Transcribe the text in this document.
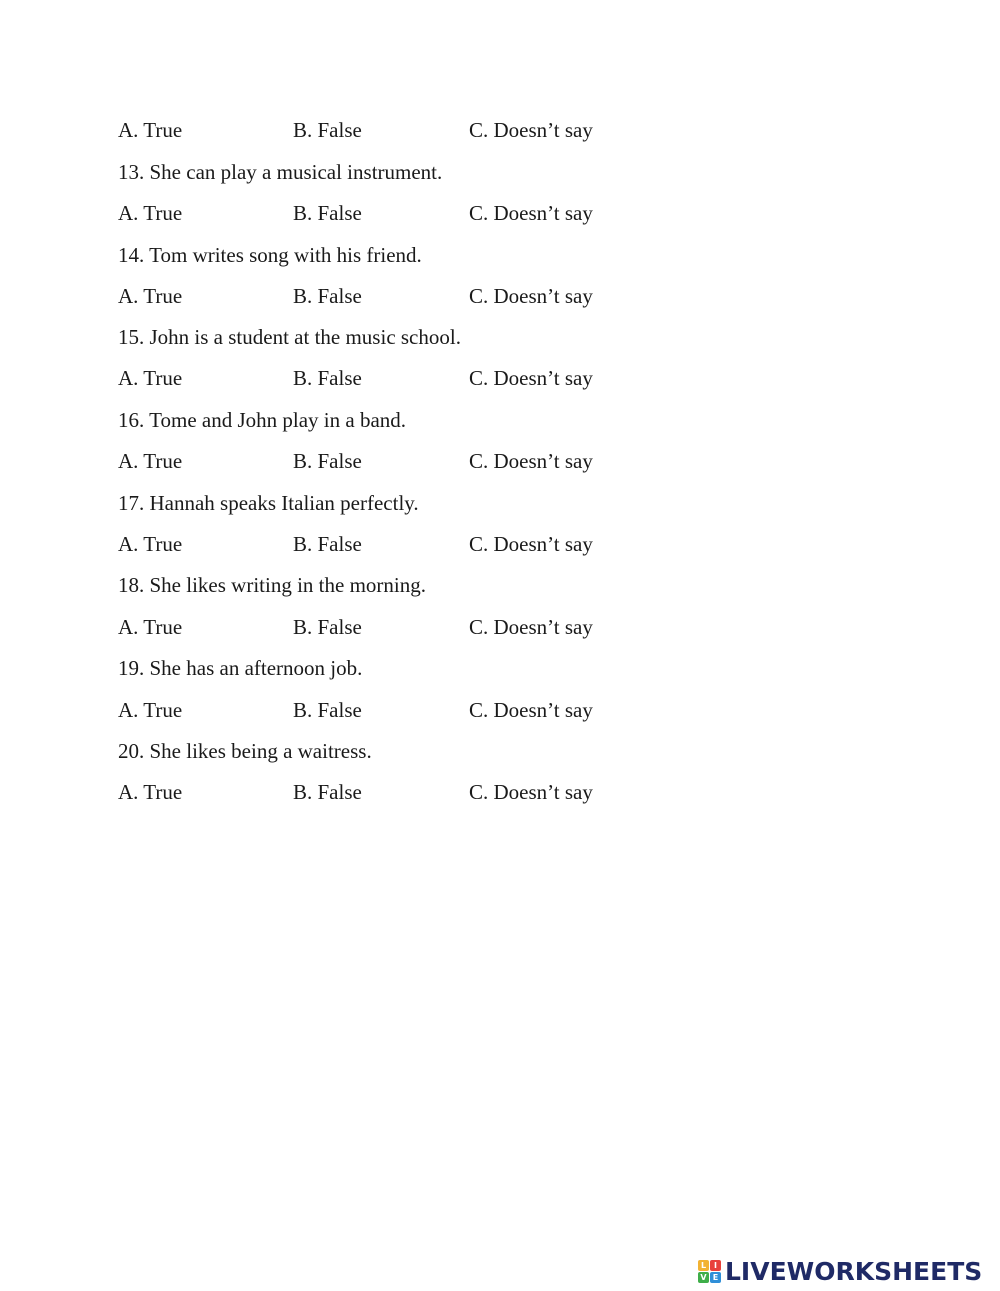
A. True	B. False	C. Doesn’t say
13. She can play a musical instrument.
A. True	B. False	C. Doesn’t say
14. Tom writes song with his friend.
A. True	B. False	C. Doesn’t say
15. John is a student at the music school.
A. True	B. False	C. Doesn’t say
16. Tome and John play in a band.
A. True	B. False	C. Doesn’t say
17. Hannah speaks Italian perfectly.
A. True	B. False	C. Doesn’t say
18. She likes writing in the morning.
A. True	B. False	C. Doesn’t say
19. She has an afternoon job.
A. True	B. False	C. Doesn’t say
20. She likes being a waitress.
A. True	B. False	C. Doesn’t say
L I
V E LIVEWORKSHEETS
